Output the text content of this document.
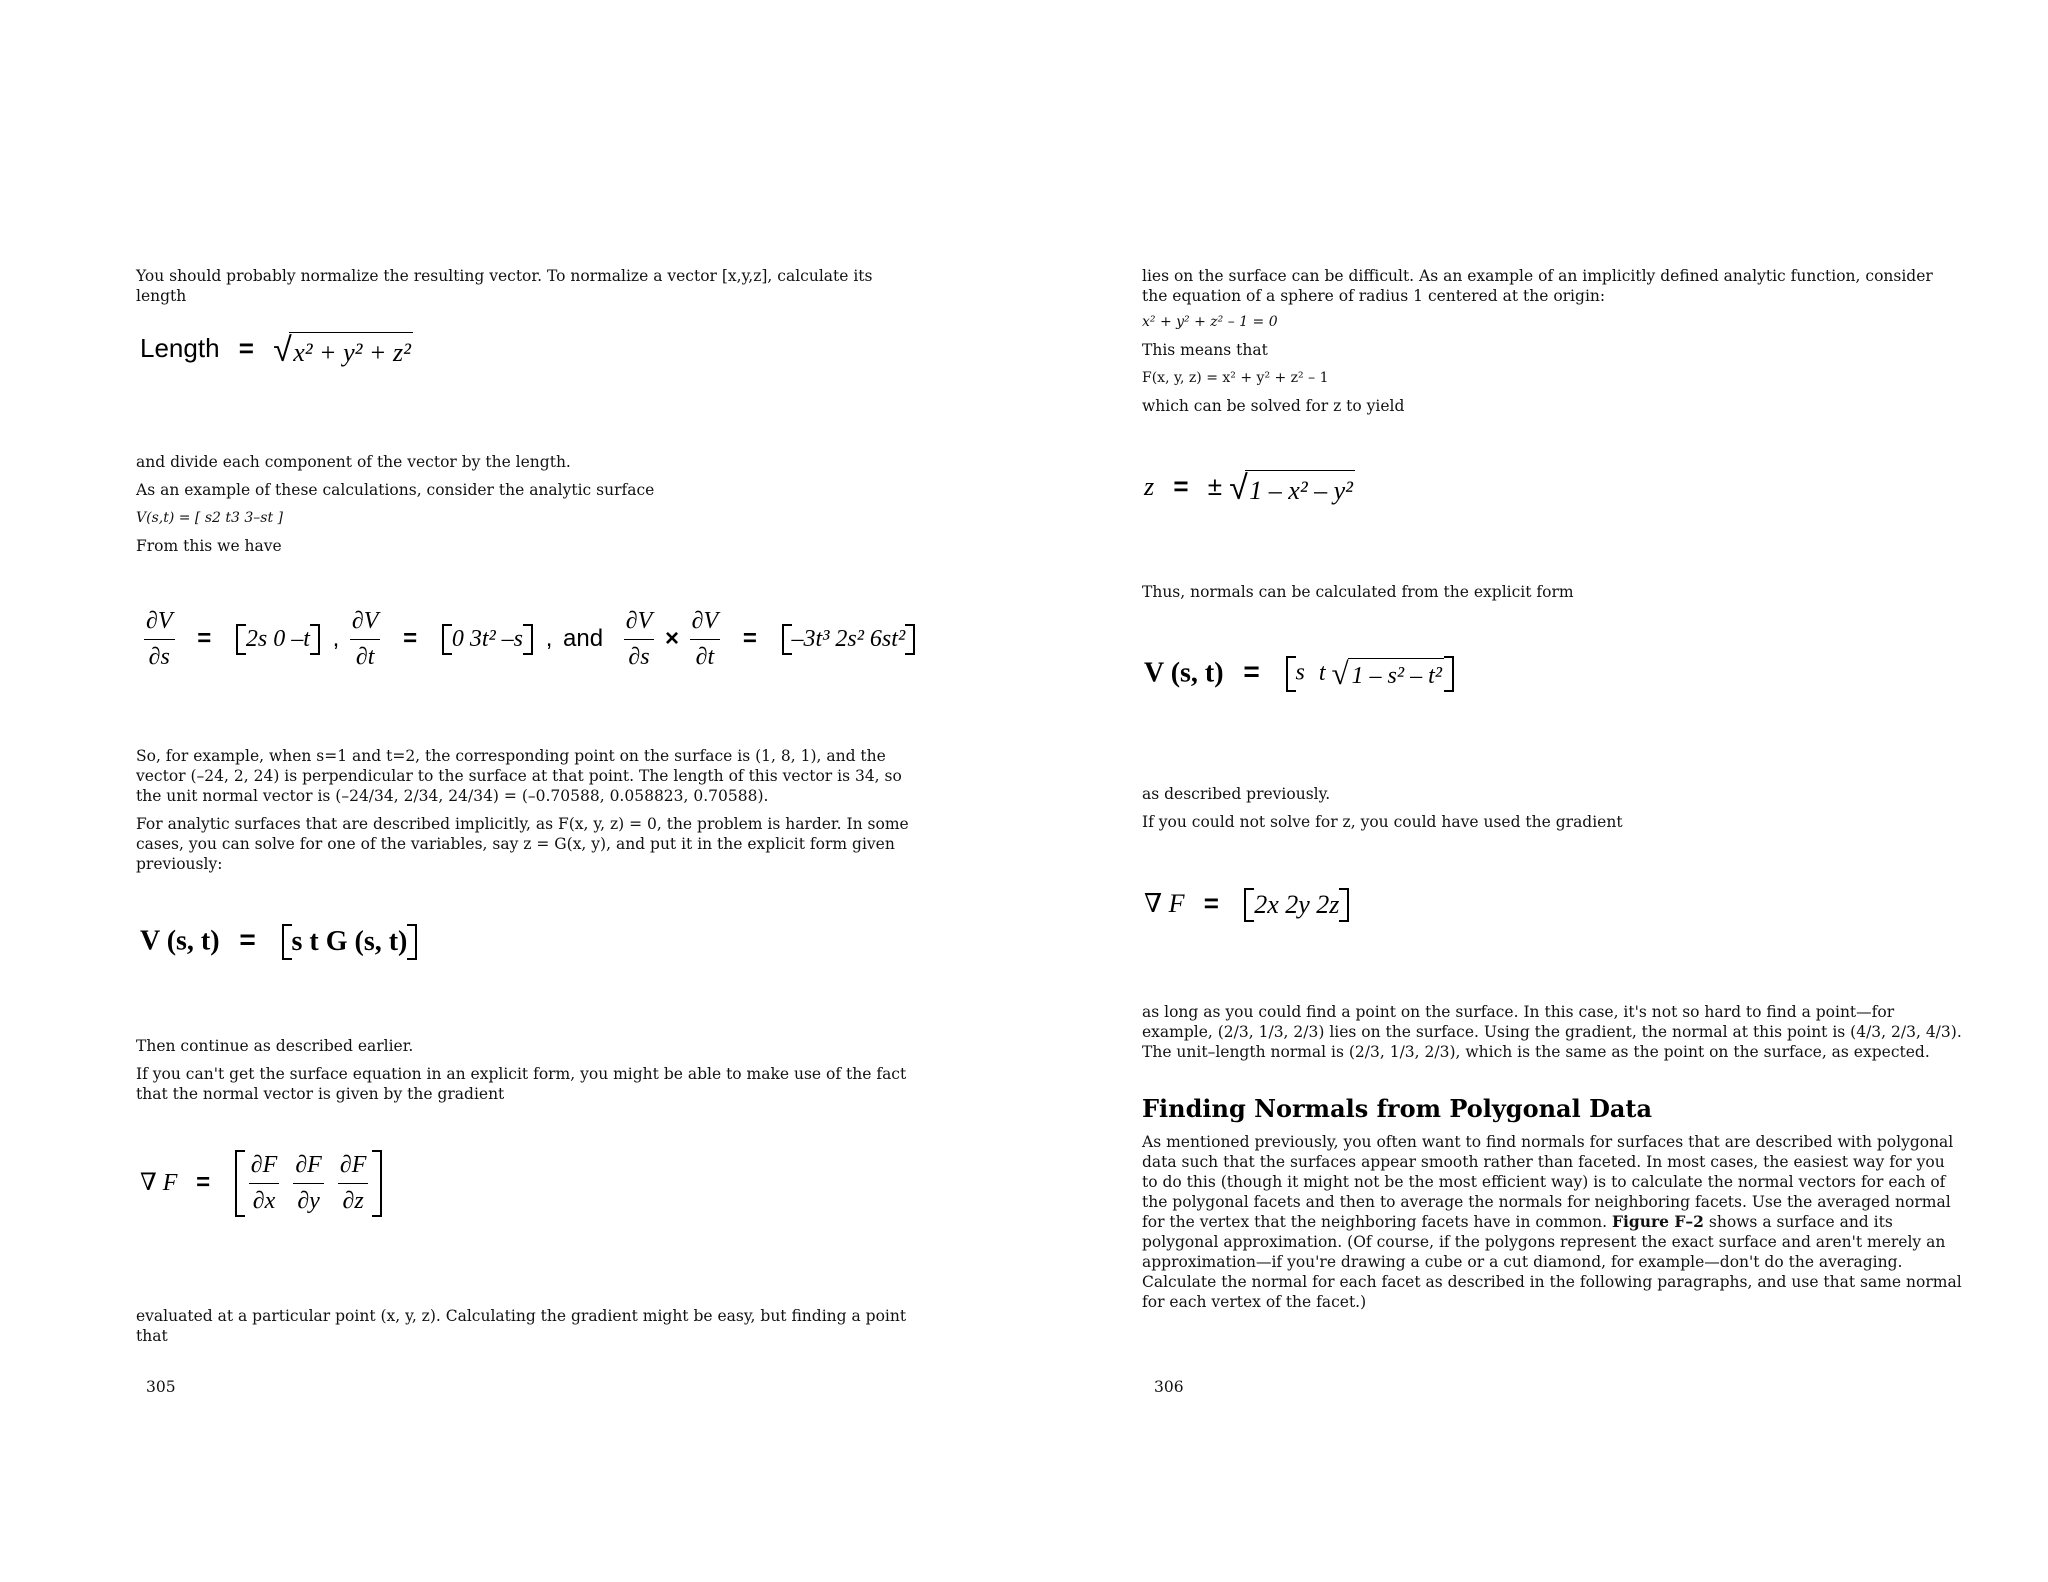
You should probably normalize the resulting vector. To normalize a vector [x,y,z], calculate its length

Length = √ x² + y² + z²

and divide each component of the vector by the length.

As an example of these calculations, consider the analytic surface

V(s,t) = [ s2 t3 3–st ]

From this we have

$\frac{\partial V}{\partial s} = 2s$ 0 –t , $\frac{\partial V}{\partial t} = 0$ 3t² –s , and $\frac{\partial V}{\partial s} \times \frac{\partial V}{\partial t} = -3t^3$ 2s² 6st²

So, for example, when s=1 and t=2, the corresponding point on the surface is (1, 8, 1), and the vector (–24, 2, 24) is perpendicular to the surface at that point. The length of this vector is 34, so the unit normal vector is (–24/34, 2/34, 24/34) = (–0.70588, 0.058823, 0.70588).

For analytic surfaces that are described implicitly, as F(x, y, z) = 0, the problem is harder. In some cases, you can solve for one of the variables, say z = G(x, y), and put it in the explicit form given previously:

V (s, t) = s t G (s, t)

Then continue as described earlier.

If you can't get the surface equation in an explicit form, you might be able to make use of the fact that the normal vector is given by the gradient

∇ $F = \frac{\partial F}{\partial x}$
$\frac{\partial F}{\partial y}$
$\frac{\partial F}{\partial z}$

evaluated at a particular point (x, y, z). Calculating the gradient might be easy, but finding a point that

305

lies on the surface can be difficult. As an example of an implicitly defined analytic function, consider the equation of a sphere of radius 1 centered at the origin:

x² + y² + z² – 1 = 0

This means that

F(x, y, z) = x² + y² + z² – 1

which can be solved for z to yield

z = ± √ 1 – x² – y²

Thus, normals can be calculated from the explicit form

V (s, t) = s t √ 1 – s² – t²

as described previously.

If you could not solve for z, you could have used the gradient

∇ F = 2x 2y 2z

as long as you could find a point on the surface. In this case, it's not so hard to find a point—for example, (2/3, 1/3, 2/3) lies on the surface. Using the gradient, the normal at this point is (4/3, 2/3, 4/3). The unit–length normal is (2/3, 1/3, 2/3), which is the same as the point on the surface, as expected.

Finding Normals from Polygonal Data

As mentioned previously, you often want to find normals for surfaces that are described with polygonal data such that the surfaces appear smooth rather than faceted. In most cases, the easiest way for you to do this (though it might not be the most efficient way) is to calculate the normal vectors for each of the polygonal facets and then to average the normals for neighboring facets. Use the averaged normal for the vertex that the neighboring facets have in common. Figure F–2 shows a surface and its polygonal approximation. (Of course, if the polygons represent the exact surface and aren't merely an approximation—if you're drawing a cube or a cut diamond, for example—don't do the averaging. Calculate the normal for each facet as described in the following paragraphs, and use that same normal for each vertex of the facet.)

306
